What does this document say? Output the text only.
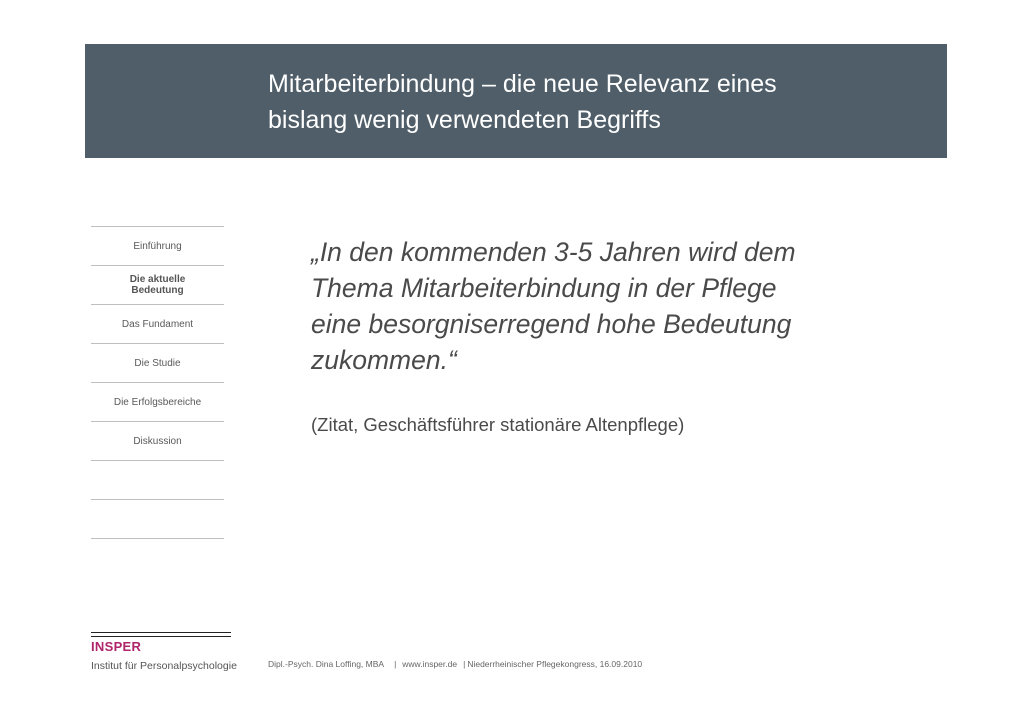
Mitarbeiterbindung – die neue Relevanz eines
bislang wenig verwendeten Begriffs
Einführung
Die aktuelle
Bedeutung
Das Fundament
Die Studie
Die Erfolgsbereiche
Diskussion
„In den kommenden 3-5 Jahren wird dem
Thema Mitarbeiterbindung in der Pflege
eine besorgniserregend hohe Bedeutung
zukommen.“
(Zitat, Geschäftsführer stationäre Altenpflege)
INSPER
Institut für Personalpsychologie	Dipl.-Psych. Dina Loffing, MBA | www.insper.de | Niederrheinischer Pflegekongress, 16.09.2010
